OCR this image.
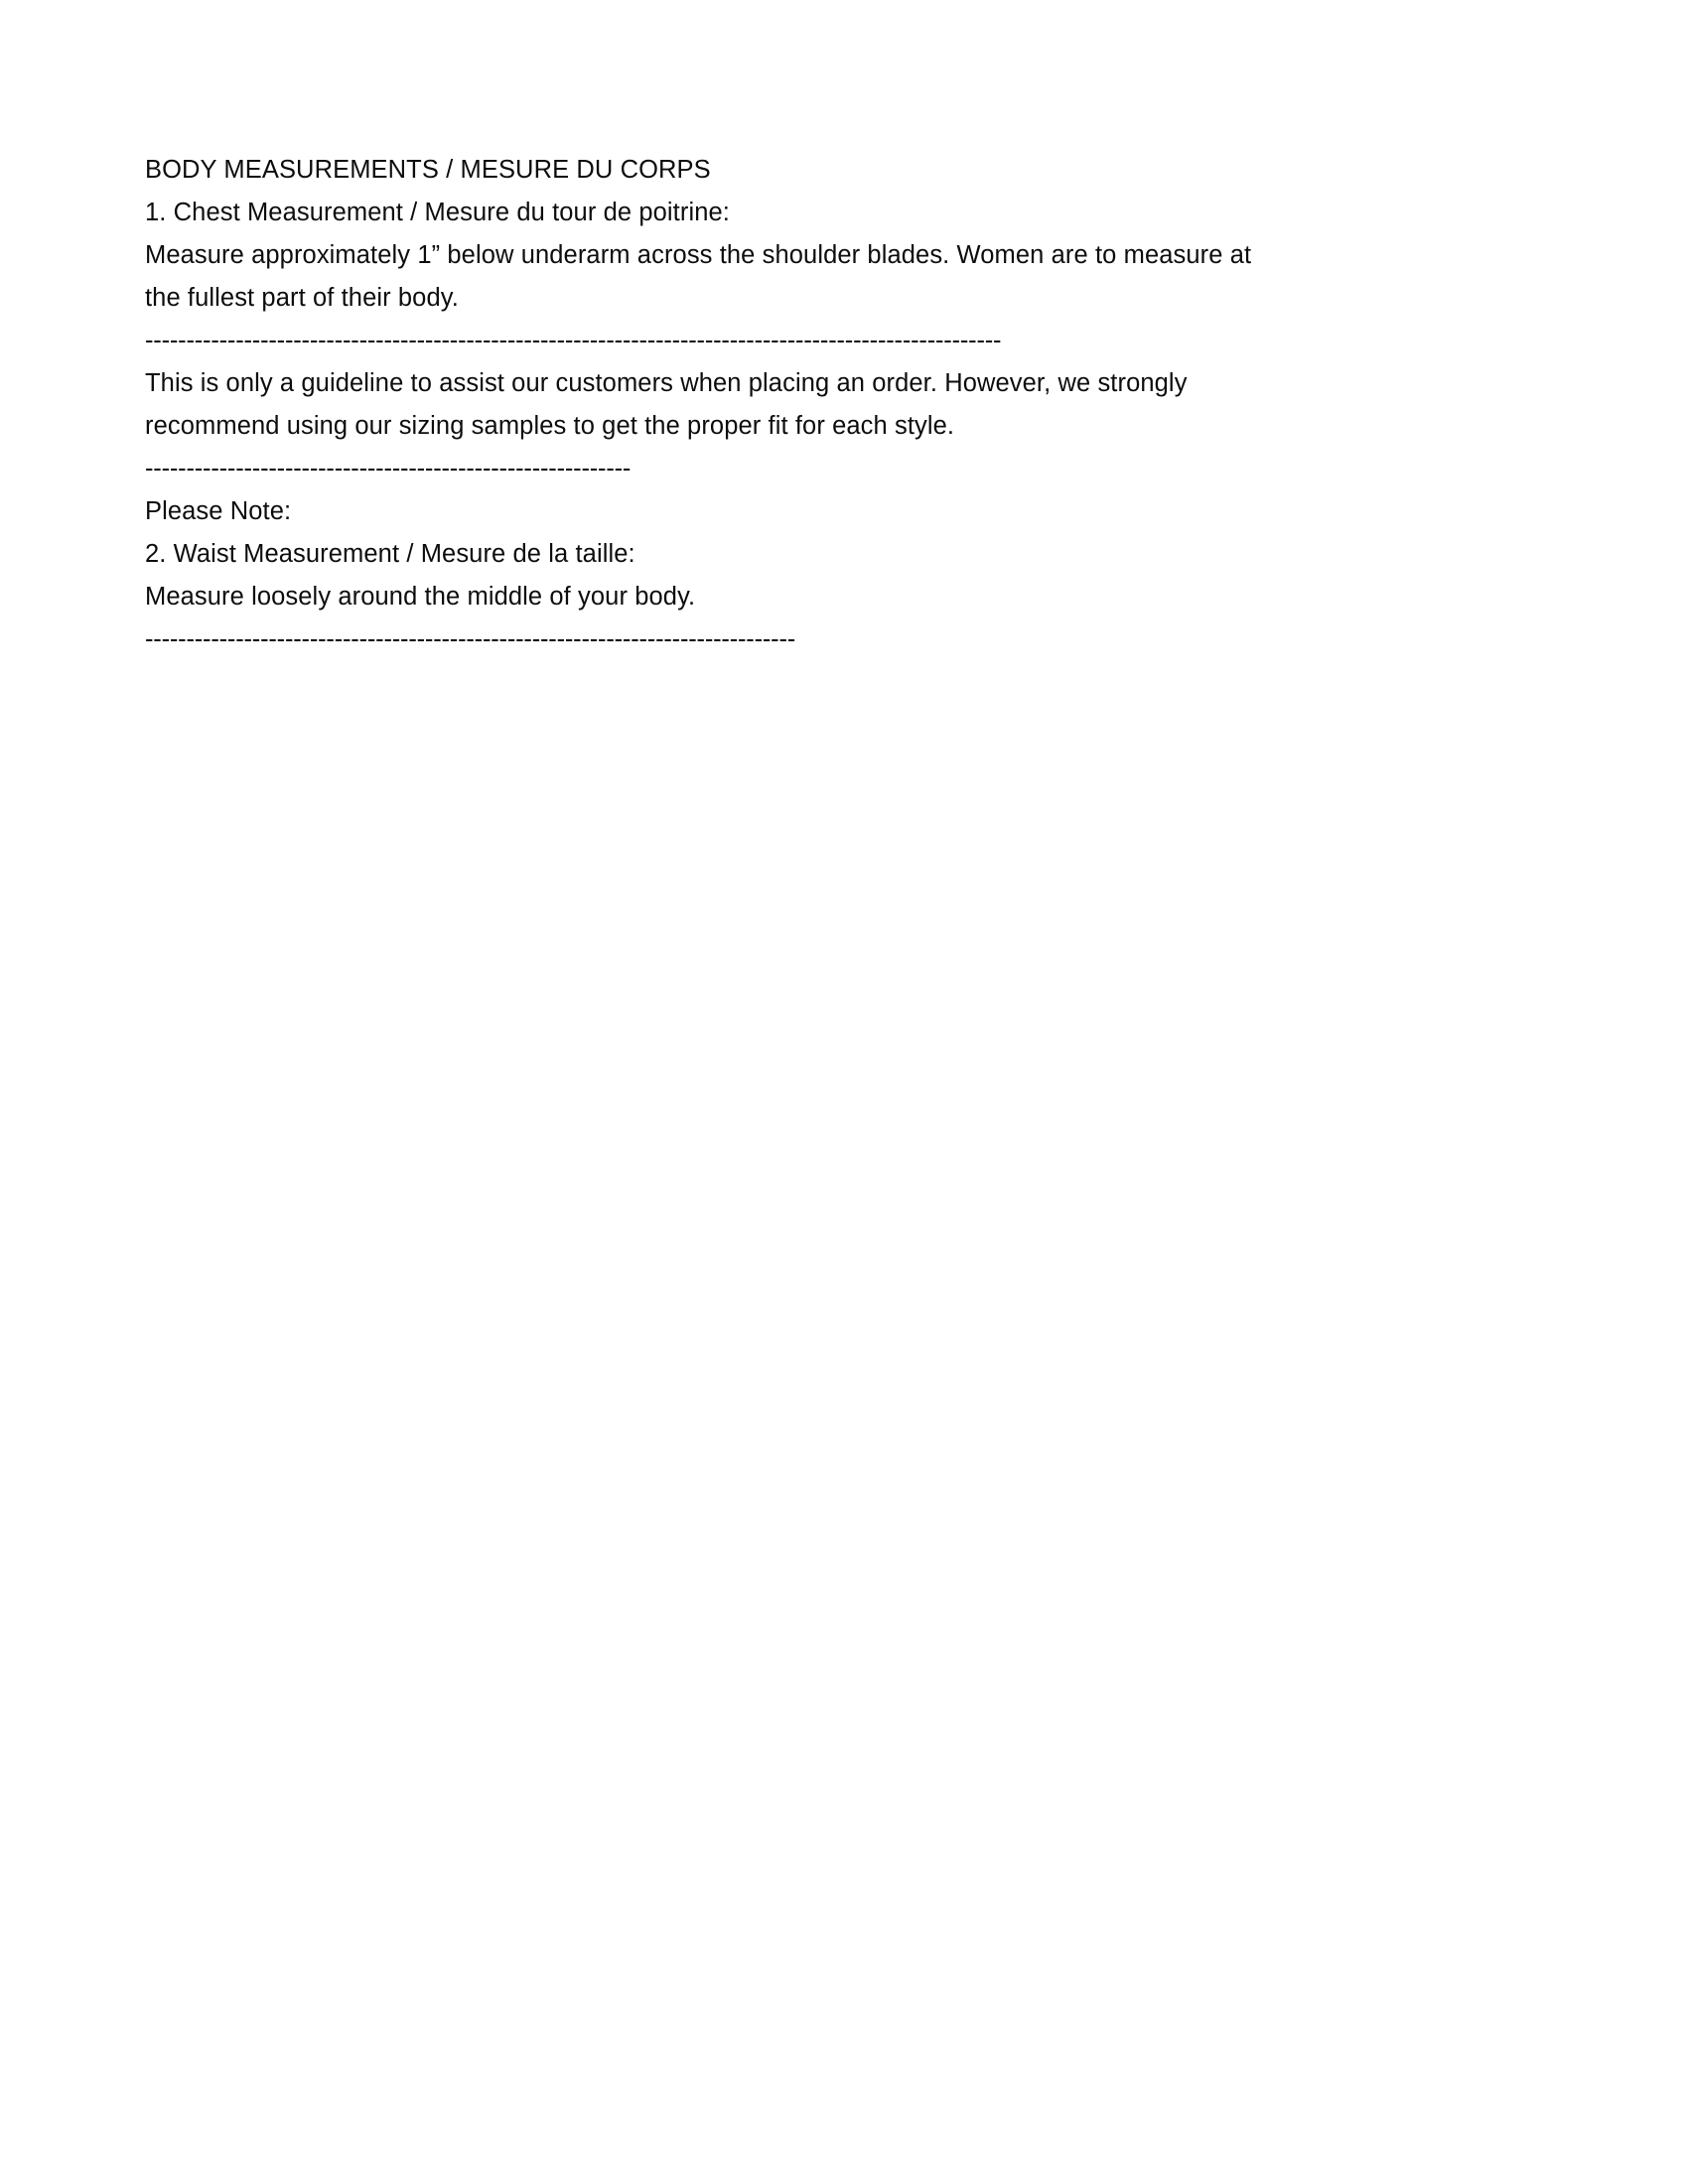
BODY MEASUREMENTS / MESURE DU CORPS
1. Chest Measurement / Mesure du tour de poitrine:
Measure approximately 1” below underarm across the shoulder blades. Women are to measure at the fullest part of their body.
--------------------------------------------------------------------------------------------------------
This is only a guideline to assist our customers when placing an order. However, we strongly recommend using our sizing samples to get the proper fit for each style.
-----------------------------------------------------------
Please Note:
2. Waist Measurement / Mesure de la taille:
Measure loosely around the middle of your body.
-------------------------------------------------------------------------------
